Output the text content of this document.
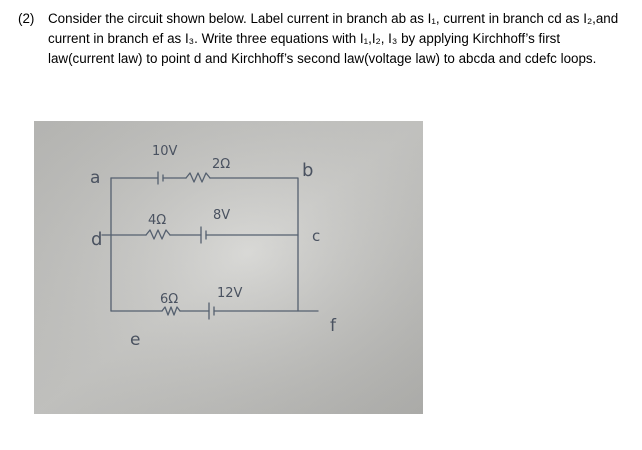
(2)	Consider the circuit shown below. Label current in branch ab as I₁, current in branch cd as I₂,and
current in branch ef as I₃. Write three equations with I₁,I₂, I₃ by applying Kirchhoff’s first
law(current law) to point d and Kirchhoff’s second law(voltage law) to abcda and cdefc loops.
a	b
c
d
e
f
10V
2Ω
4Ω	8V
6Ω	12V
